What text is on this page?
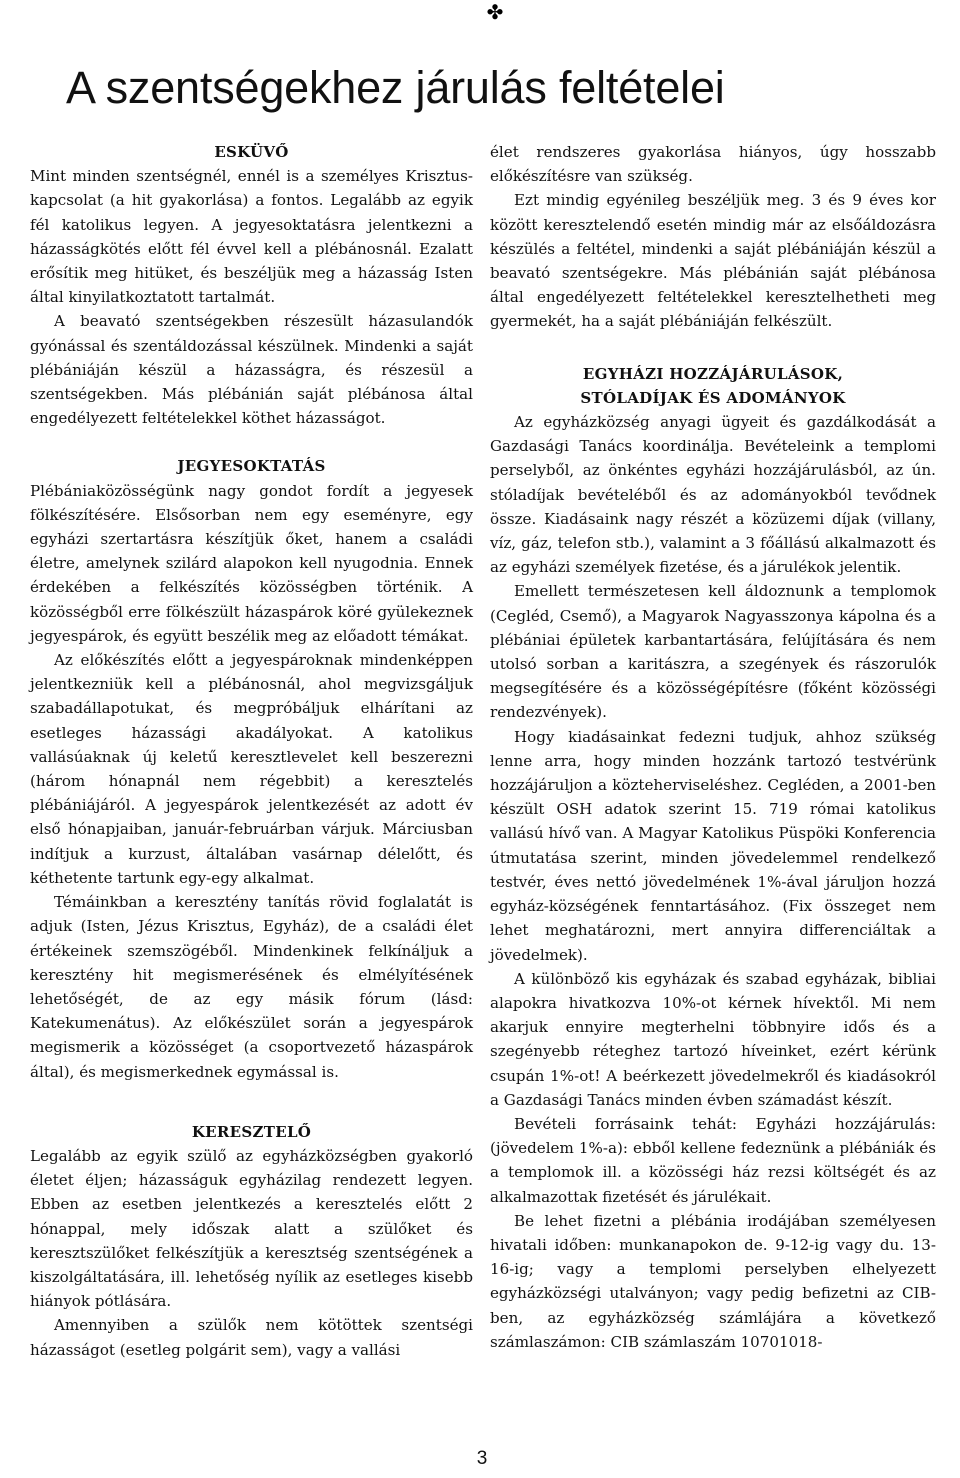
✤
A szentségekhez járulás feltételei
ESKÜVŐ

Mint minden szentségnél, ennél is a személyes Krisztus-kapcsolat (a hit gyakorlása) a fontos. Legalább az egyik fél katolikus legyen. A jegyesoktatásra jelentkezni a házasságkötés előtt fél évvel kell a plébánosnál. Ezalatt erősítik meg hitüket, és beszéljük meg a házasság Isten által kinyilatkoztatott tartalmát.

A beavató szentségekben részesült házasulandók gyónással és szentáldozással készülnek. Mindenki a saját plébániáján készül a házasságra, és részesül a szentségekben. Más plébánián saját plébánosa által engedélyezett feltételekkel köthet házasságot.

JEGYESOKTATÁS

Plébániaközösségünk nagy gondot fordít a jegyesek fölkészítésére. Elsősorban nem egy eseményre, egy egyházi szertartásra készítjük őket, hanem a családi életre, amelynek szilárd alapokon kell nyugodnia. Ennek érdekében a felkészítés közösségben történik. A közösségből erre fölkészült házaspárok köré gyülekeznek jegyespárok, és együtt beszélik meg az előadott témákat.

Az előkészítés előtt a jegyespároknak mindenképpen jelentkezniük kell a plébánosnál, ahol megvizsgáljuk szabadállapotukat, és megpróbáljuk elhárítani az esetleges házassági akadályokat. A katolikus vallásúaknak új keletű keresztlevelet kell beszerezni (három hónapnál nem régebbit) a keresztelés plébániájáról. A jegyespárok jelentkezését az adott év első hónapjaiban, január-februárban várjuk. Márciusban indítjuk a kurzust, általában vasárnap délelőtt, és kéthetente tartunk egy-egy alkalmat.

Témáinkban a keresztény tanítás rövid foglalatát is adjuk (Isten, Jézus Krisztus, Egyház), de a családi élet értékeinek szemszögéből. Mindenkinek felkínáljuk a keresztény hit megismerésének és elmélyítésének lehetőségét, de az egy másik fórum (lásd: Katekumenátus). Az előkészület során a jegyespárok megismerik a közösséget (a csoportvezető házaspárok által), és megismerkednek egymással is.

KERESZTELŐ

Legalább az egyik szülő az egyházközségben gyakorló életet éljen; házasságuk egyházilag rendezett legyen. Ebben az esetben jelentkezés a keresztelés előtt 2 hónappal, mely időszak alatt a szülőket és keresztszülőket felkészítjük a keresztség szentségének a kiszolgáltatására, ill. lehetőség nyílik az esetleges kisebb hiányok pótlására.

Amennyiben a szülők nem kötöttek szentségi házasságot (esetleg polgárit sem), vagy a vallási

élet rendszeres gyakorlása hiányos, úgy hosszabb előkészítésre van szükség.

Ezt mindig egyénileg beszéljük meg. 3 és 9 éves kor között keresztelendő esetén mindig már az elsőáldozásra készülés a feltétel, mindenki a saját plébániáján készül a beavató szentségekre. Más plébánián saját plébánosa által engedélyezett feltételekkel keresztelhetheti meg gyermekét, ha a saját plébániáján felkészült.

EGYHÁZI HOZZÁJÁRULÁSOK,
STÓLADÍJAK ÉS ADOMÁNYOK

Az egyházközség anyagi ügyeit és gazdálkodását a Gazdasági Tanács koordinálja. Bevételeink a templomi perselyből, az önkéntes egyházi hozzájárulásból, az ún. stóladíjak bevételéből és az adományokból tevődnek össze. Kiadásaink nagy részét a közüzemi díjak (villany, víz, gáz, telefon stb.), valamint a 3 főállású alkalmazott és az egyházi személyek fizetése, és a járulékok jelentik.

Emellett természetesen kell áldoznunk a templomok (Cegléd, Csemő), a Magyarok Nagyasszonya kápolna és a plébániai épületek karbantartására, felújítására és nem utolsó sorban a karitászra, a szegények és rászorulók megsegítésére és a közösségépítésre (főként közösségi rendezvények).

Hogy kiadásainkat fedezni tudjuk, ahhoz szükség lenne arra, hogy minden hozzánk tartozó testvérünk hozzájáruljon a közteherviseléshez. Cegléden, a 2001-ben készült OSH adatok szerint 15. 719 római katolikus vallású hívő van. A Magyar Katolikus Püspöki Konferencia útmutatása szerint, minden jövedelemmel rendelkező testvér, éves nettó jövedelmének 1%-ával járuljon hozzá egyház-községének fenntartásához. (Fix összeget nem lehet meghatározni, mert annyira differenciáltak a jövedelmek).

A különböző kis egyházak és szabad egyházak, bibliai alapokra hivatkozva 10%-ot kérnek hívektől. Mi nem akarjuk ennyire megterhelni többnyire idős és a szegényebb réteghez tartozó híveinket, ezért kérünk csupán 1%-ot! A beérkezett jövedelmekről és kiadásokról a Gazdasági Tanács minden évben számadást készít.

Bevételi forrásaink tehát: Egyházi hozzájárulás: (jövedelem 1%-a): ebből kellene fedeznünk a plébániák és a templomok ill. a közösségi ház rezsi költségét és az alkalmazottak fizetését és járulékait.

Be lehet fizetni a plébánia irodájában személyesen hivatali időben: munkanapokon de. 9-12-ig vagy du. 13-16-ig; vagy a templomi perselyben elhelyezett egyházközségi utalványon; vagy pedig befizetni az CIB-ben, az egyházközség számlájára a következő számlaszámon: CIB számlaszám 10701018-

3
